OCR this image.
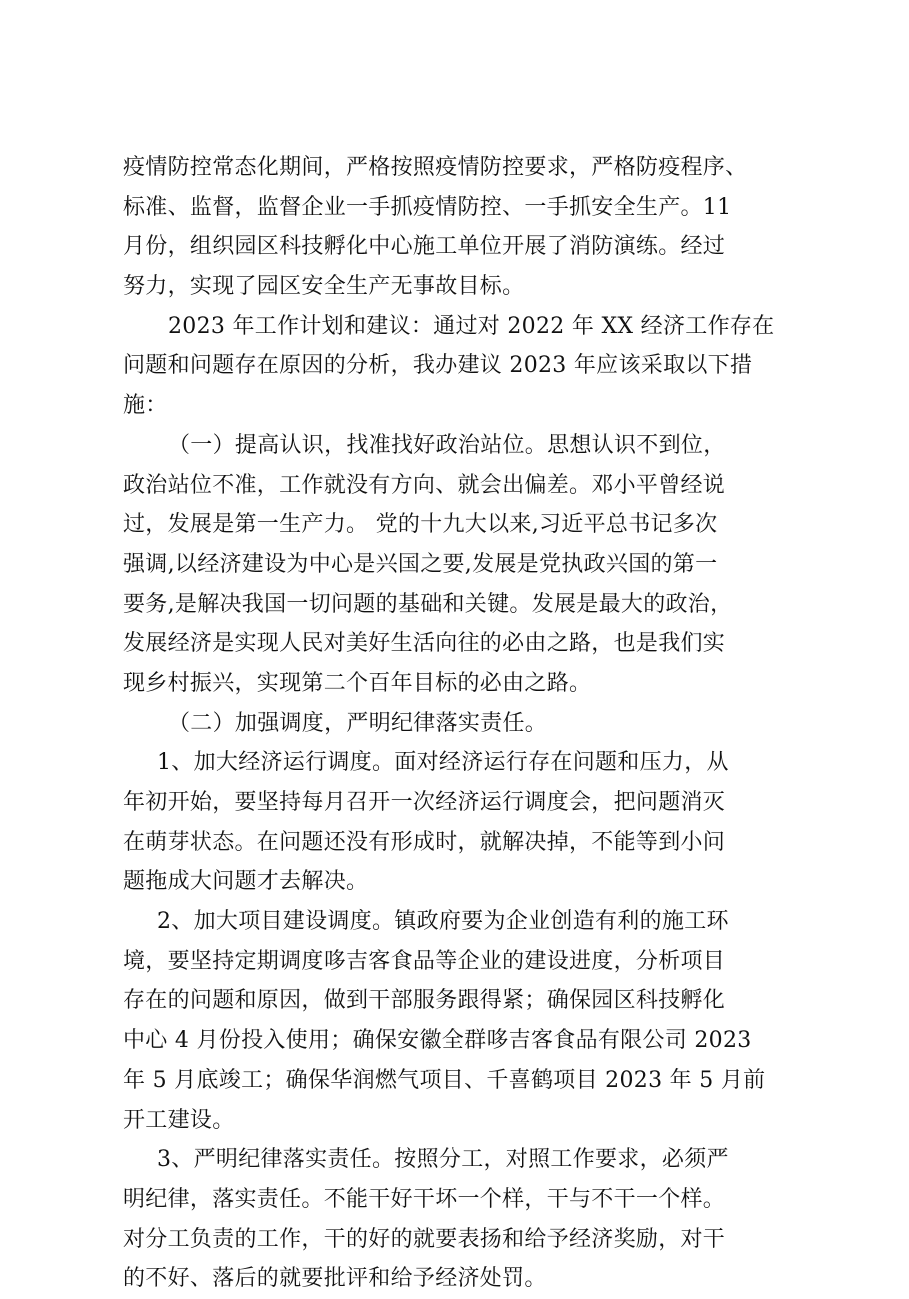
疫情防控常态化期间，严格按照疫情防控要求，严格防疫程序、
标准、监督，监督企业一手抓疫情防控、一手抓安全生产。11
月份，组织园区科技孵化中心施工单位开展了消防演练。经过
努力，实现了园区安全生产无事故目标。
2023 年工作计划和建议：通过对 2022 年 XX 经济工作存在
问题和问题存在原因的分析，我办建议 2023 年应该采取以下措
施：
（一）提高认识，找准找好政治站位。思想认识不到位，
政治站位不准，工作就没有方向、就会出偏差。邓小平曾经说
过，发展是第一生产力。 党的十九大以来,习近平总书记多次
强调,以经济建设为中心是兴国之要,发展是党执政兴国的第一
要务,是解决我国一切问题的基础和关键。发展是最大的政治，
发展经济是实现人民对美好生活向往的必由之路，也是我们实
现乡村振兴，实现第二个百年目标的必由之路。
（二）加强调度，严明纪律落实责任。
1、加大经济运行调度。面对经济运行存在问题和压力，从
年初开始，要坚持每月召开一次经济运行调度会，把问题消灭
在萌芽状态。在问题还没有形成时，就解决掉，不能等到小问
题拖成大问题才去解决。
2、加大项目建设调度。镇政府要为企业创造有利的施工环
境，要坚持定期调度哆吉客食品等企业的建设进度，分析项目
存在的问题和原因，做到干部服务跟得紧；确保园区科技孵化
中心 4 月份投入使用；确保安徽全群哆吉客食品有限公司 2023
年 5 月底竣工；确保华润燃气项目、千喜鹤项目 2023 年 5 月前
开工建设。
3、严明纪律落实责任。按照分工，对照工作要求，必须严
明纪律，落实责任。不能干好干坏一个样，干与不干一个样。
对分工负责的工作，干的好的就要表扬和给予经济奖励，对干
的不好、落后的就要批评和给予经济处罚。
